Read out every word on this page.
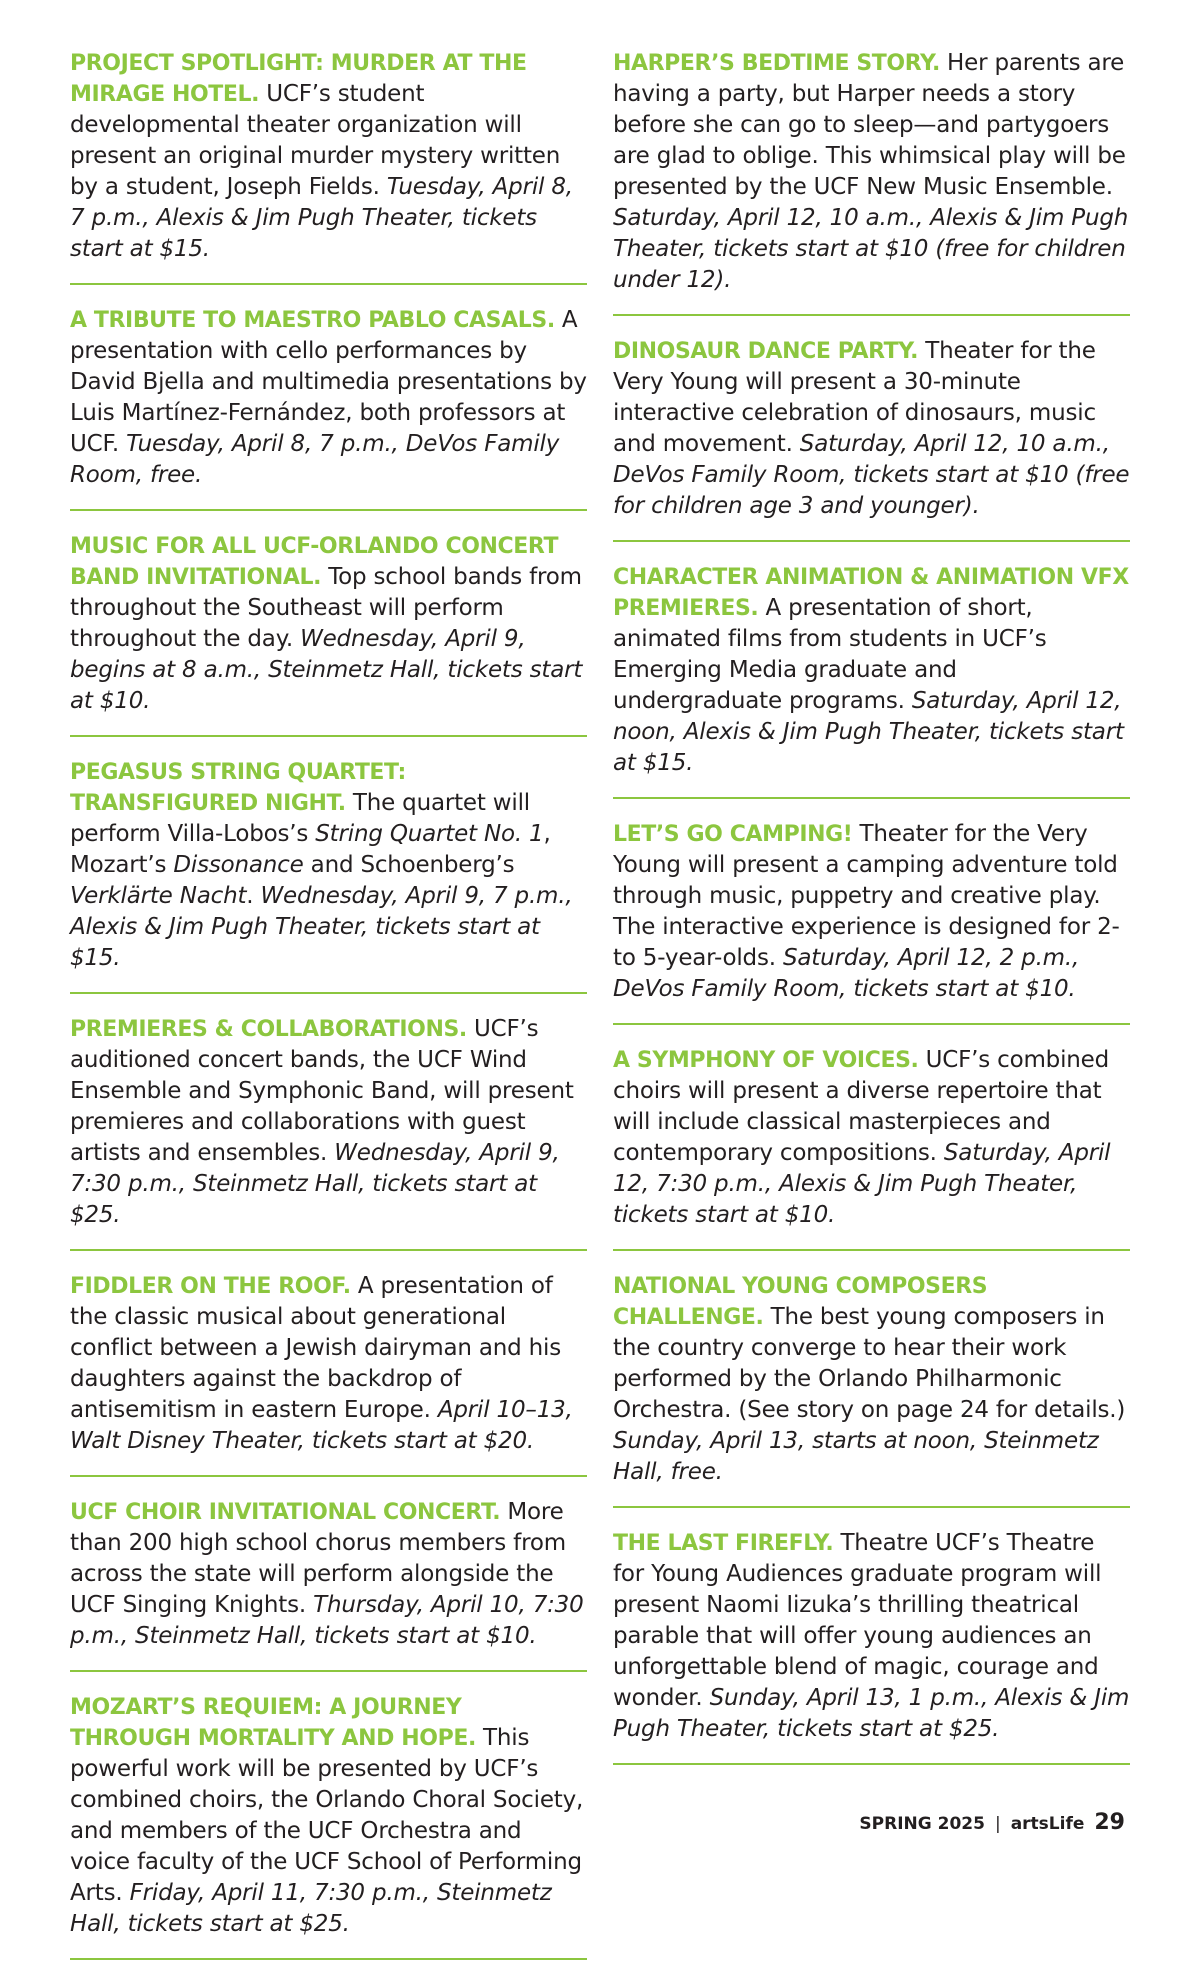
PROJECT SPOTLIGHT: MURDER AT THE MIRAGE HOTEL. UCF’s student developmental theater organization will present an original murder mystery written by a student, Joseph Fields. Tuesday, April 8, 7 p.m., Alexis & Jim Pugh Theater, tickets start at $15.
A TRIBUTE TO MAESTRO PABLO CASALS. A presentation with cello performances by David Bjella and multimedia presentations by Luis Martínez-Fernández, both professors at UCF. Tuesday, April 8, 7 p.m., DeVos Family Room, free.
MUSIC FOR ALL UCF-ORLANDO CONCERT BAND INVITATIONAL. Top school bands from throughout the Southeast will perform throughout the day. Wednesday, April 9, begins at 8 a.m., Steinmetz Hall, tickets start at $10.
PEGASUS STRING QUARTET: TRANSFIGURED NIGHT. The quartet will perform Villa-Lobos’s String Quartet No. 1, Mozart’s Dissonance and Schoenberg’s Verklärte Nacht. Wednesday, April 9, 7 p.m., Alexis & Jim Pugh Theater, tickets start at $15.
PREMIERES & COLLABORATIONS. UCF’s auditioned concert bands, the UCF Wind Ensemble and Symphonic Band, will present premieres and collaborations with guest artists and ensembles. Wednesday, April 9, 7:30 p.m., Steinmetz Hall, tickets start at $25.
FIDDLER ON THE ROOF. A presentation of the classic musical about generational conflict between a Jewish dairyman and his daughters against the backdrop of antisemitism in eastern Europe. April 10–13, Walt Disney Theater, tickets start at $20.
UCF CHOIR INVITATIONAL CONCERT. More than 200 high school chorus members from across the state will perform alongside the UCF Singing Knights. Thursday, April 10, 7:30 p.m., Steinmetz Hall, tickets start at $10.
MOZART’S REQUIEM: A JOURNEY THROUGH MORTALITY AND HOPE. This powerful work will be presented by UCF’s combined choirs, the Orlando Choral Society, and members of the UCF Orchestra and voice faculty of the UCF School of Performing Arts. Friday, April 11, 7:30 p.m., Steinmetz Hall, tickets start at $25.
HARPER’S BEDTIME STORY. Her parents are having a party, but Harper needs a story before she can go to sleep—and partygoers are glad to oblige. This whimsical play will be presented by the UCF New Music Ensemble. Saturday, April 12, 10 a.m., Alexis & Jim Pugh Theater, tickets start at $10 (free for children under 12).
DINOSAUR DANCE PARTY. Theater for the Very Young will present a 30-minute interactive celebration of dinosaurs, music and movement. Saturday, April 12, 10 a.m., DeVos Family Room, tickets start at $10 (free for children age 3 and younger).
CHARACTER ANIMATION & ANIMATION VFX PREMIERES. A presentation of short, animated films from students in UCF’s Emerging Media graduate and undergraduate programs. Saturday, April 12, noon, Alexis & Jim Pugh Theater, tickets start at $15.
LET’S GO CAMPING! Theater for the Very Young will present a camping adventure told through music, puppetry and creative play. The interactive experience is designed for 2- to 5-year-olds. Saturday, April 12, 2 p.m., DeVos Family Room, tickets start at $10.
A SYMPHONY OF VOICES. UCF’s combined choirs will present a diverse repertoire that will include classical masterpieces and contemporary compositions. Saturday, April 12, 7:30 p.m., Alexis & Jim Pugh Theater, tickets start at $10.
NATIONAL YOUNG COMPOSERS CHALLENGE. The best young composers in the country converge to hear their work performed by the Orlando Philharmonic Orchestra. (See story on page 24 for details.) Sunday, April 13, starts at noon, Steinmetz Hall, free.
THE LAST FIREFLY. Theatre UCF’s Theatre for Young Audiences graduate program will present Naomi Iizuka’s thrilling theatrical parable that will offer young audiences an unforgettable blend of magic, courage and wonder. Sunday, April 13, 1 p.m., Alexis & Jim Pugh Theater, tickets start at $25.
SPRING 2025 | artsLife 29
